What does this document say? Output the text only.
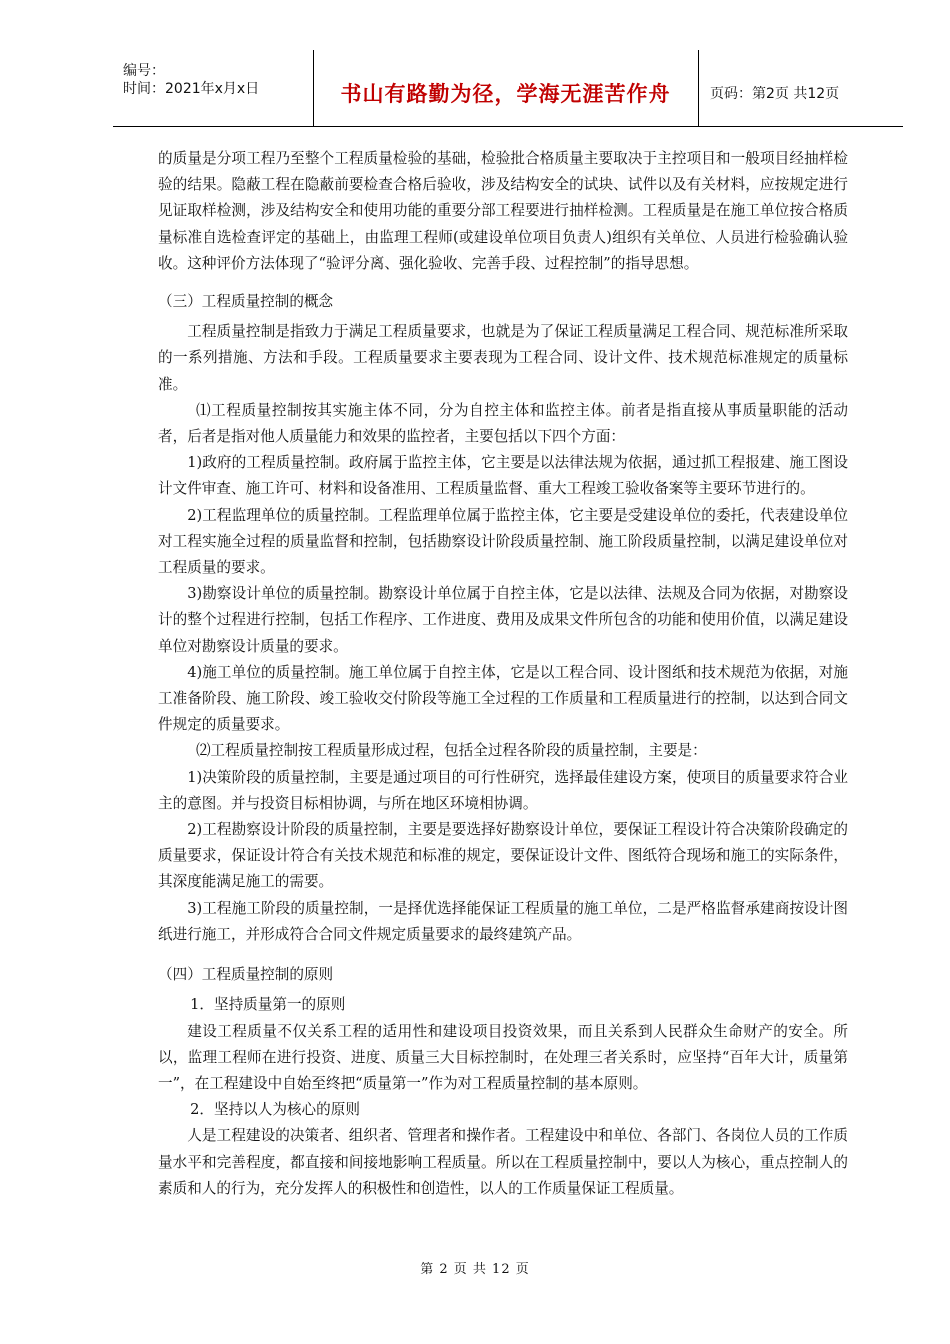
编号：
时间：2021年x月x日	书山有路勤为径，学海无涯苦作舟	页码：第2页 共12页

的质量是分项工程乃至整个工程质量检验的基础，检验批合格质量主要取决于主控项目和一般项目经抽样检验的结果。隐蔽工程在隐蔽前要检查合格后验收，涉及结构安全的试块、试件以及有关材料，应按规定进行见证取样检测，涉及结构安全和使用功能的重要分部工程要进行抽样检测。工程质量是在施工单位按合格质量标准自选检查评定的基础上，由监理工程师(或建设单位项目负责人)组织有关单位、人员进行检验确认验收。这种评价方法体现了“验评分离、强化验收、完善手段、过程控制”的指导思想。

（三）工程质量控制的概念

工程质量控制是指致力于满足工程质量要求，也就是为了保证工程质量满足工程合同、规范标准所采取的一系列措施、方法和手段。工程质量要求主要表现为工程合同、设计文件、技术规范标准规定的质量标准。

⑴工程质量控制按其实施主体不同，分为自控主体和监控主体。前者是指直接从事质量职能的活动者，后者是指对他人质量能力和效果的监控者，主要包括以下四个方面：

1)政府的工程质量控制。政府属于监控主体，它主要是以法律法规为依据，通过抓工程报建、施工图设计文件审查、施工许可、材料和设备准用、工程质量监督、重大工程竣工验收备案等主要环节进行的。

2)工程监理单位的质量控制。工程监理单位属于监控主体，它主要是受建设单位的委托，代表建设单位对工程实施全过程的质量监督和控制，包括勘察设计阶段质量控制、施工阶段质量控制，以满足建设单位对工程质量的要求。

3)勘察设计单位的质量控制。勘察设计单位属于自控主体，它是以法律、法规及合同为依据，对勘察设计的整个过程进行控制，包括工作程序、工作进度、费用及成果文件所包含的功能和使用价值，以满足建设单位对勘察设计质量的要求。

4)施工单位的质量控制。施工单位属于自控主体，它是以工程合同、设计图纸和技术规范为依据，对施工准备阶段、施工阶段、竣工验收交付阶段等施工全过程的工作质量和工程质量进行的控制，以达到合同文件规定的质量要求。

⑵工程质量控制按工程质量形成过程，包括全过程各阶段的质量控制，主要是：

1)决策阶段的质量控制，主要是通过项目的可行性研究，选择最佳建设方案，使项目的质量要求符合业主的意图。并与投资目标相协调，与所在地区环境相协调。

2)工程勘察设计阶段的质量控制，主要是要选择好勘察设计单位，要保证工程设计符合决策阶段确定的质量要求，保证设计符合有关技术规范和标准的规定，要保证设计文件、图纸符合现场和施工的实际条件，其深度能满足施工的需要。

3)工程施工阶段的质量控制，一是择优选择能保证工程质量的施工单位，二是严格监督承建商按设计图纸进行施工，并形成符合合同文件规定质量要求的最终建筑产品。

（四）工程质量控制的原则

1．坚持质量第一的原则

建设工程质量不仅关系工程的适用性和建设项目投资效果，而且关系到人民群众生命财产的安全。所以，监理工程师在进行投资、进度、质量三大目标控制时，在处理三者关系时，应坚持“百年大计，质量第一”，在工程建设中自始至终把“质量第一”作为对工程质量控制的基本原则。

2．坚持以人为核心的原则

人是工程建设的决策者、组织者、管理者和操作者。工程建设中和单位、各部门、各岗位人员的工作质量水平和完善程度，都直接和间接地影响工程质量。所以在工程质量控制中，要以人为核心，重点控制人的素质和人的行为，充分发挥人的积极性和创造性，以人的工作质量保证工程质量。

第 2 页 共 12 页
